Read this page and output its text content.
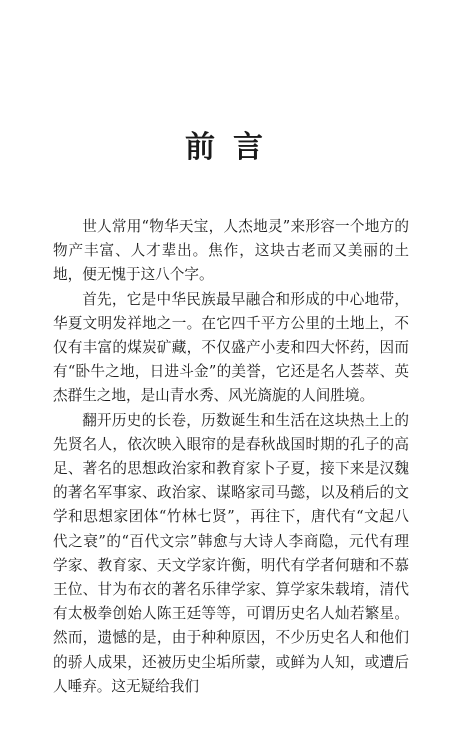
前言

世人常用“物华天宝，人杰地灵”来形容一个地方的物产丰富、人才辈出。焦作，这块古老而又美丽的土地，便无愧于这八个字。

首先，它是中华民族最早融合和形成的中心地带，华夏文明发祥地之一。在它四千平方公里的土地上，不仅有丰富的煤炭矿藏，不仅盛产小麦和四大怀药，因而有“卧牛之地，日进斗金”的美誉，它还是名人荟萃、英杰群生之地，是山青水秀、风光旖旎的人间胜境。

翻开历史的长卷，历数诞生和生活在这块热土上的先贤名人，依次映入眼帘的是春秋战国时期的孔子的高足、著名的思想政治家和教育家卜子夏，接下来是汉魏的著名军事家、政治家、谋略家司马懿，以及稍后的文学和思想家团体“竹林七贤”，再往下，唐代有“文起八代之衰”的“百代文宗”韩愈与大诗人李商隐，元代有理学家、教育家、天文学家许衡，明代有学者何瑭和不慕王位、甘为布衣的著名乐律学家、算学家朱载堉，清代有太极拳创始人陈王廷等等，可谓历史名人灿若繁星。然而，遗憾的是，由于种种原因，不少历史名人和他们的骄人成果，还被历史尘垢所蒙，或鲜为人知，或遭后人唾弃。这无疑给我们
